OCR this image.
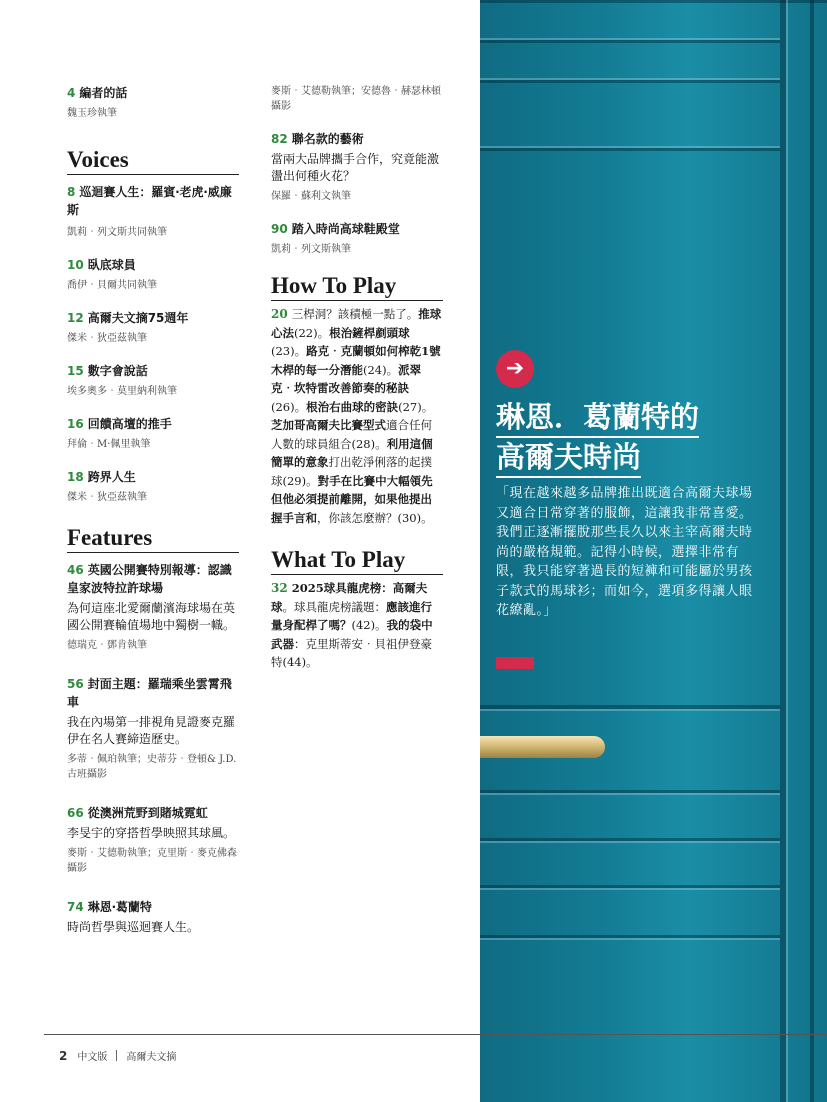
4 編者的話
魏玉珍執筆
Voices
8 巡迴賽人生：羅賓‧老虎‧威廉斯
凱莉‧列文斯共同執筆
10 臥底球員
喬伊‧貝爾共同執筆
12 高爾夫文摘75週年
傑米‧狄亞茲執筆
15 數字會說話
埃多奧多‧莫里納利執筆
16 回饋高壇的推手
拜倫‧M‧佩里執筆
18 跨界人生
傑米‧狄亞茲執筆
Features
46 英國公開賽特別報導：認識皇家波特拉許球場
為何這座北愛爾蘭濱海球場在英國公開賽輪值場地中獨樹一幟。
德瑞克‧鄧肯執筆
56 封面主題：羅瑞乘坐雲霄飛車
我在內場第一排視角見證麥克羅伊在名人賽締造歷史。
多蒂‧佩珀執筆；史蒂芬‧登頓& J.D.古班攝影
66 從澳洲荒野到賭城霓虹
李旻宇的穿搭哲學映照其球風。
麥斯‧艾德勒執筆；克里斯‧麥克佛森攝影
74 琳恩‧葛蘭特
時尚哲學與巡迴賽人生。
麥斯‧艾德勒執筆；安德魯‧赫瑟林頓攝影
82 聯名款的藝術
當兩大品牌攜手合作，究竟能激盪出何種火花？
保羅‧蘇利文執筆
90 踏入時尚高球鞋殿堂
凱莉‧列文斯執筆
How To Play
20 三桿洞？該積極一點了。推球心法(22)。根治鏟桿剷頭球(23)。路克‧克蘭頓如何榨乾1號木桿的每一分潛能(24)。派翠克‧坎特雷改善節奏的秘訣(26)。根治右曲球的密訣(27)。芝加哥高爾夫比賽型式適合任何人數的球員組合(28)。利用這個簡單的意象打出乾淨俐落的起撲球(29)。對手在比賽中大幅領先但他必須提前離開，如果他提出握手言和，你該怎麼辦？(30)。
What To Play
32 2025球具龍虎榜：高爾夫球。球具龍虎榜議題：應該進行量身配桿了嗎？(42)。我的袋中武器：克里斯蒂安‧貝祖伊登豪特(44)。
➔
琳恩．葛蘭特的
高爾夫時尚
「現在越來越多品牌推出既適合高爾夫球場又適合日常穿著的服飾，這讓我非常喜愛。我們正逐漸擺脫那些長久以來主宰高爾夫時尚的嚴格規範。記得小時候，選擇非常有限，我只能穿著過長的短褲和可能屬於男孩子款式的馬球衫；而如今，選項多得讓人眼花繚亂。」
2 中文版 高爾夫文摘
